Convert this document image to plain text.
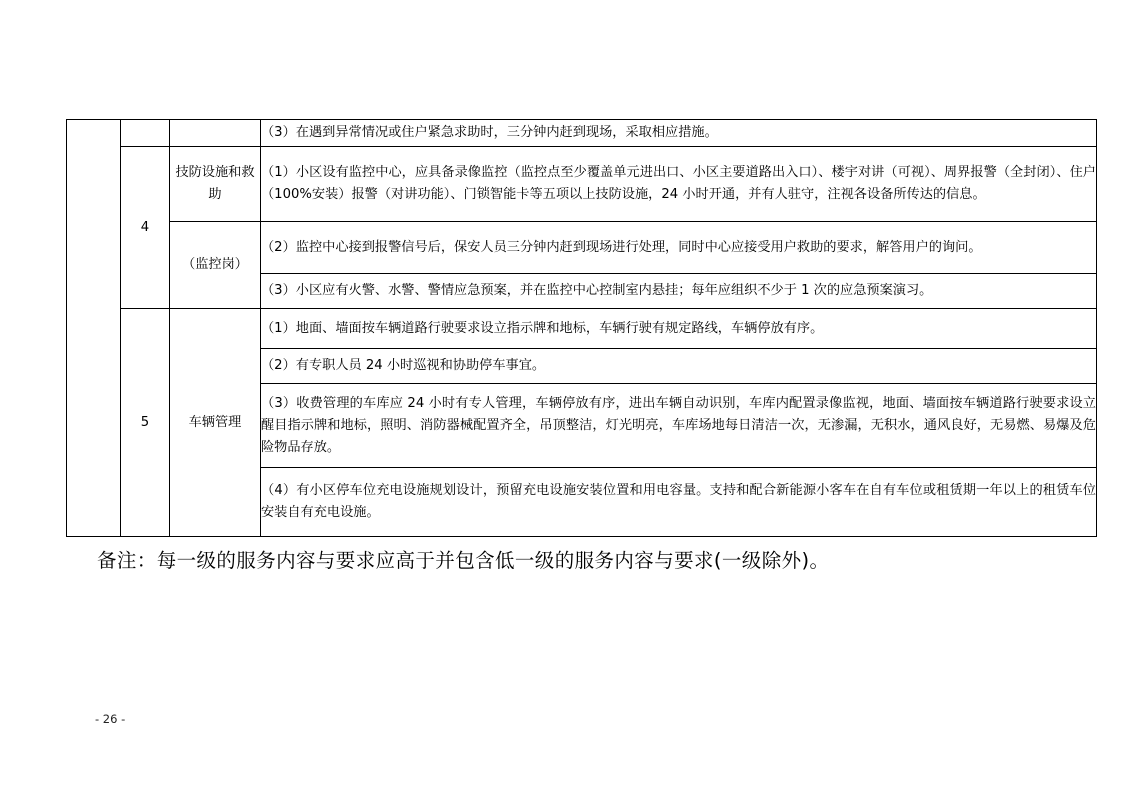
			（3）在遇到异常情况或住户紧急求助时，三分钟内赶到现场，采取相应措施。
	4	技防设施和救助	（1）小区设有监控中心，应具备录像监控（监控点至少覆盖单元进出口、小区主要道路出入口）、楼宇对讲（可视）、周界报警（全封闭）、住户（100%安装）报警（对讲功能）、门锁智能卡等五项以上技防设施，24 小时开通，并有人驻守，注视各设备所传达的信息。
		（监控岗）	（2）监控中心接到报警信号后，保安人员三分钟内赶到现场进行处理，同时中心应接受用户救助的要求，解答用户的询问。
			（3）小区应有火警、水警、警情应急预案，并在监控中心控制室内悬挂；每年应组织不少于 1 次的应急预案演习。
	5	车辆管理	（1）地面、墙面按车辆道路行驶要求设立指示牌和地标，车辆行驶有规定路线，车辆停放有序。
			（2）有专职人员 24 小时巡视和协助停车事宜。
			（3）收费管理的车库应 24 小时有专人管理，车辆停放有序，进出车辆自动识别，车库内配置录像监视，地面、墙面按车辆道路行驶要求设立醒目指示牌和地标，照明、消防器械配置齐全，吊顶整洁，灯光明亮，车库场地每日清洁一次，无渗漏，无积水，通风良好，无易燃、易爆及危险物品存放。
			（4）有小区停车位充电设施规划设计，预留充电设施安装位置和用电容量。支持和配合新能源小客车在自有车位或租赁期一年以上的租赁车位安装自有充电设施。
备注：每一级的服务内容与要求应高于并包含低一级的服务内容与要求(一级除外)。
- 26 -
